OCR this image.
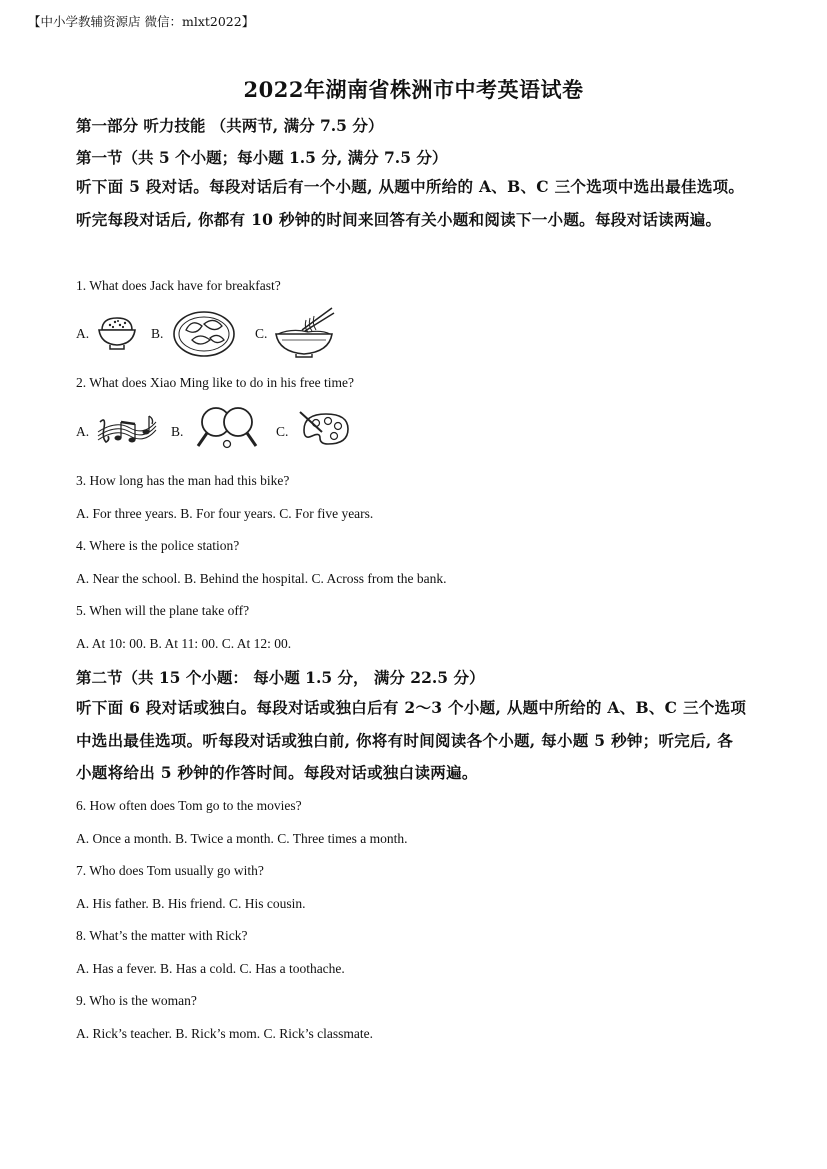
【中小学教辅资源店 微信：mlxt2022】
2022年湖南省株洲市中考英语试卷
第一部分 听力技能 （共两节, 满分 7.5 分）
第一节（共 5 个小题；每小题 1.5 分, 满分 7.5 分）
听下面 5 段对话。每段对话后有一个小题, 从题中所给的 A、B、C 三个选项中选出最佳选项。听完每段对话后, 你都有 10 秒钟的时间来回答有关小题和阅读下一小题。每段对话读两遍。
1. What does Jack have for breakfast?
A.	B.	C.
2. What does Xiao Ming like to do in his free time?
A.	B.	C.
3. How long has the man had this bike?
A. For three years. B. For four years. C. For five years.
4. Where is the police station?
A. Near the school. B. Behind the hospital. C. Across from the bank.
5. When will the plane take off?
A. At 10: 00. B. At 11: 00. C. At 12: 00.
第二节（共 15 个小题： 每小题 1.5 分， 满分 22.5 分）
听下面 6 段对话或独白。每段对话或独白后有 2～3 个小题, 从题中所给的 A、B、C 三个选项中选出最佳选项。听每段对话或独白前, 你将有时间阅读各个小题, 每小题 5 秒钟；听完后, 各小题将给出 5 秒钟的作答时间。每段对话或独白读两遍。
6. How often does Tom go to the movies?
A. Once a month. B. Twice a month. C. Three times a month.
7. Who does Tom usually go with?
A. His father. B. His friend. C. His cousin.
8. What’s the matter with Rick?
A. Has a fever. B. Has a cold. C. Has a toothache.
9. Who is the woman?
A. Rick’s teacher. B. Rick’s mom. C. Rick’s classmate.
